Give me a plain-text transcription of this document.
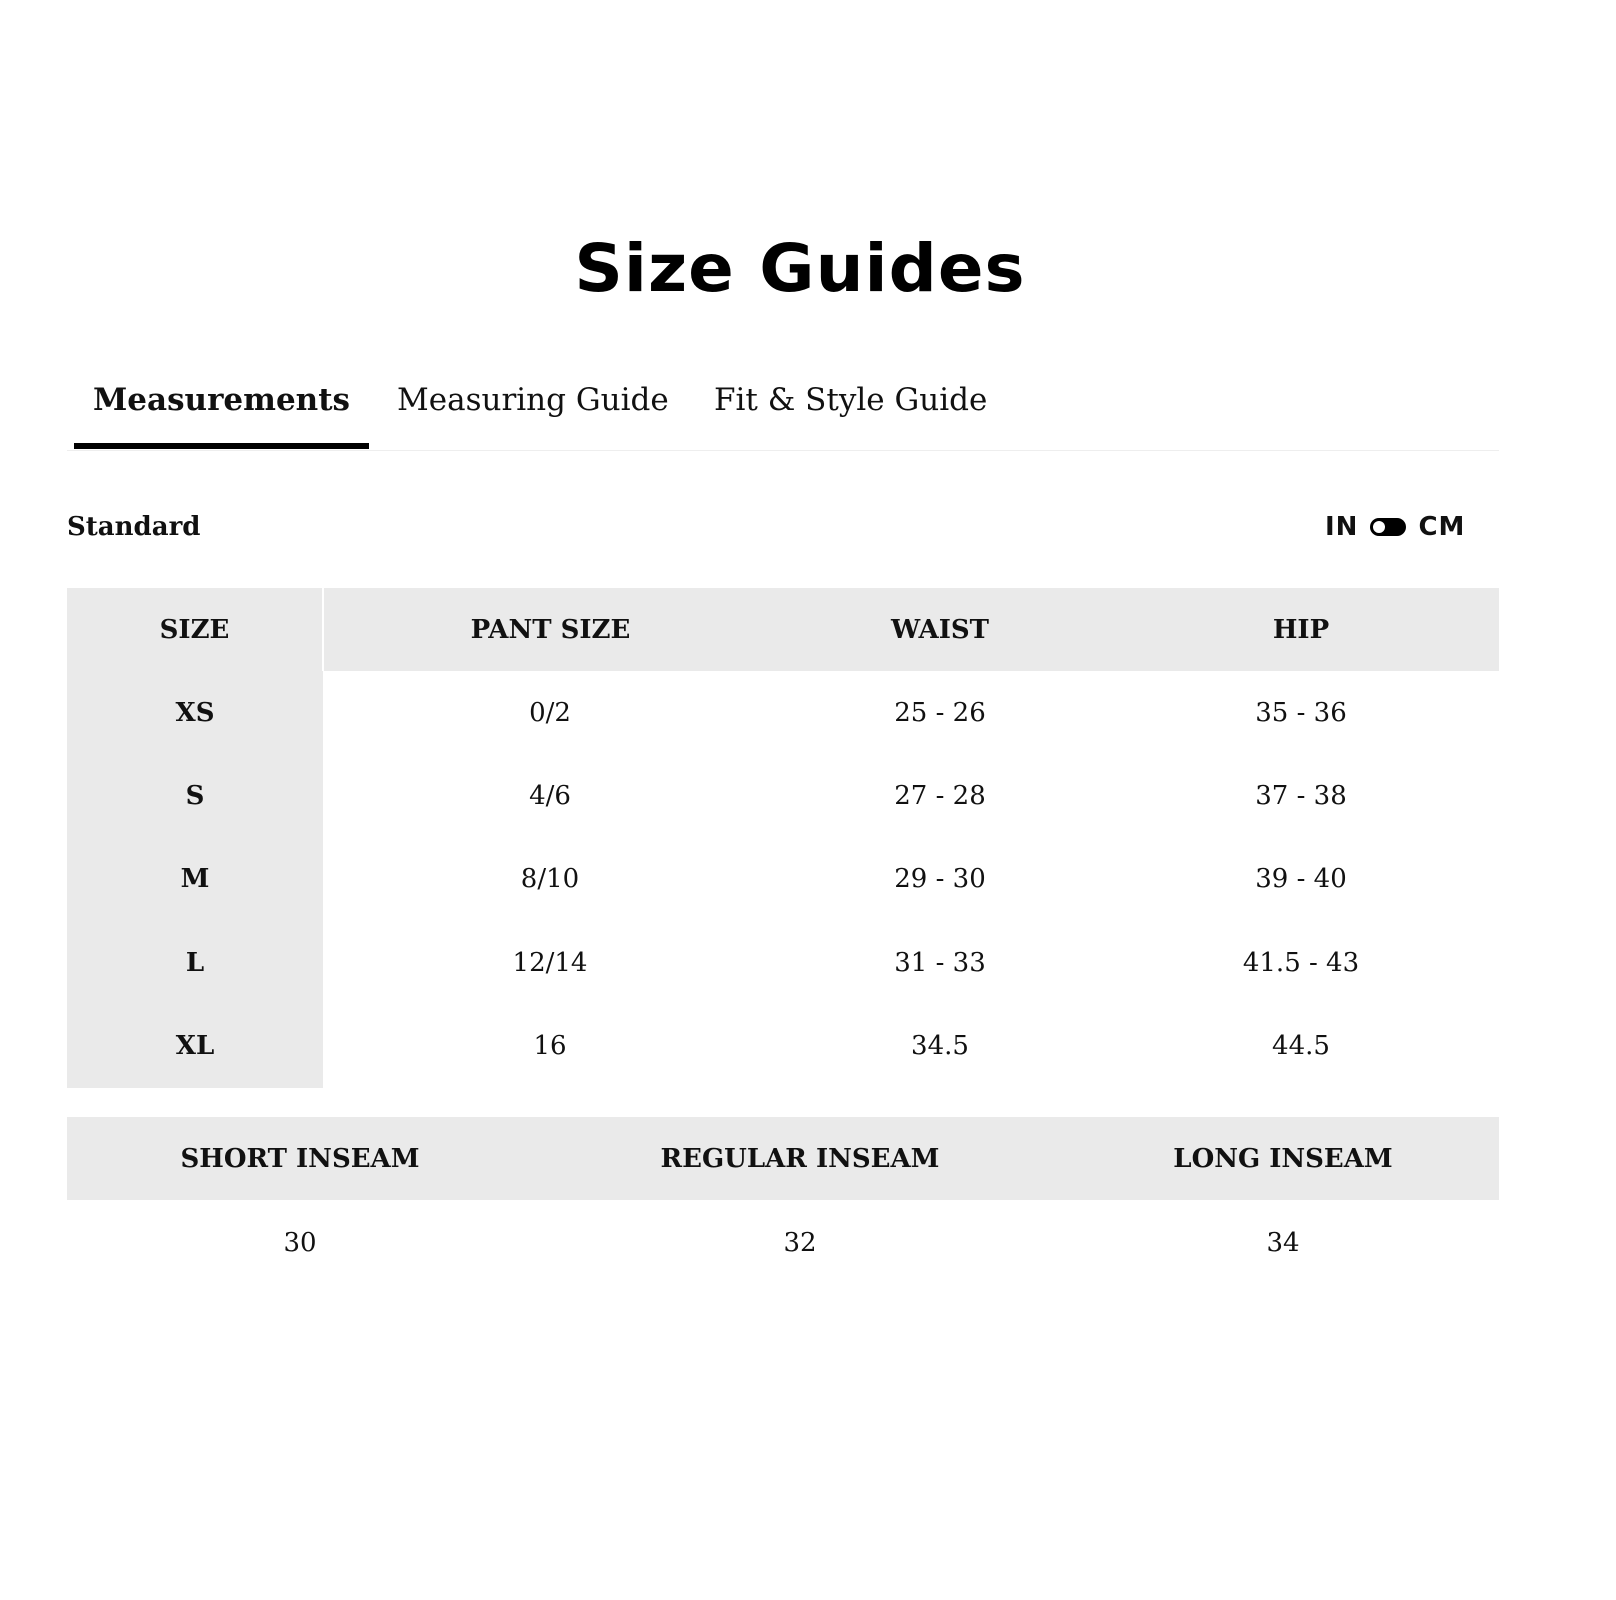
Size Guides
Measurements	Measuring Guide Fit & Style Guide
Standard	IN CM
SIZE	PANT SIZE	WAIST	HIP
XS	0/2	25 - 26	35 - 36
S	4/6	27 - 28	37 - 38
M	8/10	29 - 30	39 - 40
L	12/14	31 - 33	41.5 - 43
XL	16	34.5	44.5
SHORT INSEAM	REGULAR INSEAM	LONG INSEAM
30	32	34
